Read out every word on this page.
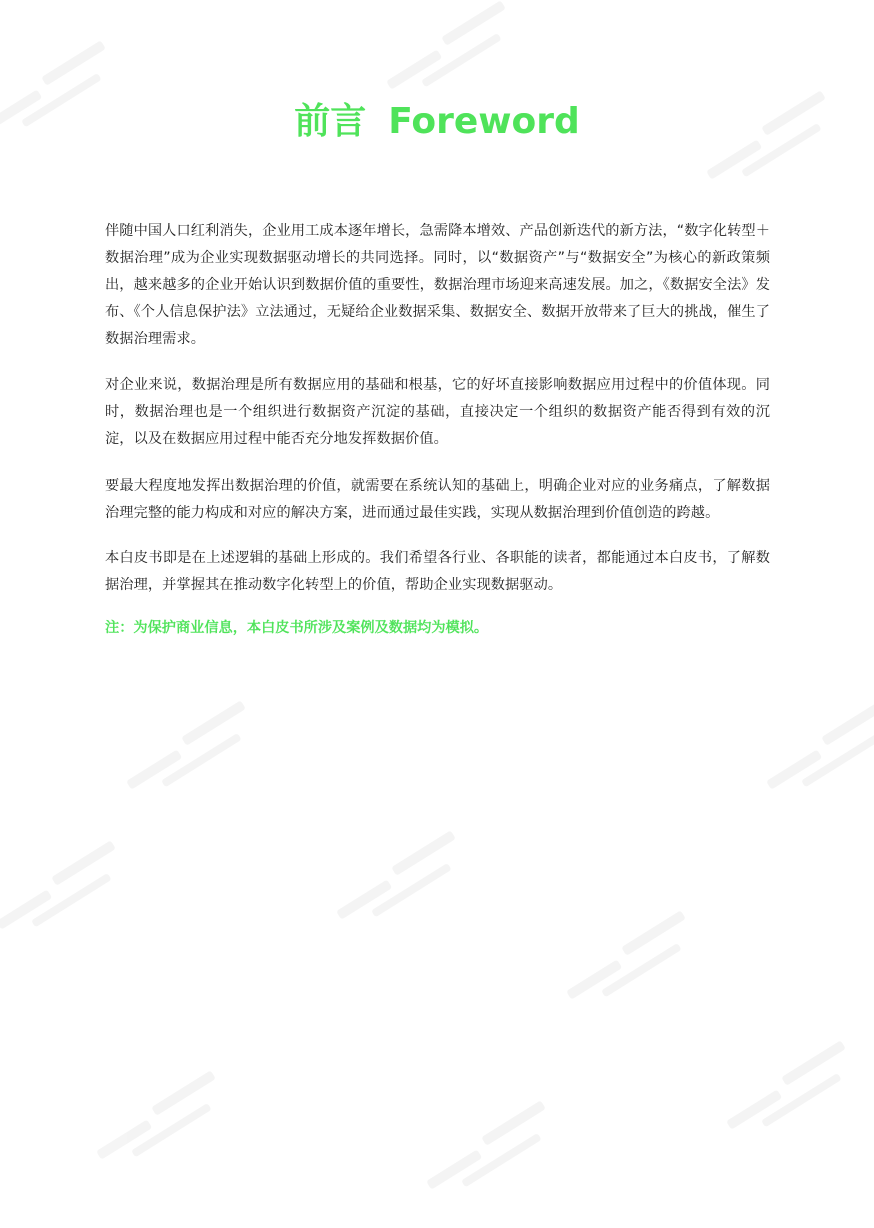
前言 Foreword

伴随中国人口红利消失，企业用工成本逐年增长，急需降本增效、产品创新迭代的新方法，“数字化转型＋数据治理”成为企业实现数据驱动增长的共同选择。同时，以“数据资产”与“数据安全”为核心的新政策频出，越来越多的企业开始认识到数据价值的重要性，数据治理市场迎来高速发展。加之，《数据安全法》发布、《个人信息保护法》立法通过，无疑给企业数据采集、数据安全、数据开放带来了巨大的挑战，催生了数据治理需求。

对企业来说，数据治理是所有数据应用的基础和根基，它的好坏直接影响数据应用过程中的价值体现。同时，数据治理也是一个组织进行数据资产沉淀的基础，直接决定一个组织的数据资产能否得到有效的沉淀，以及在数据应用过程中能否充分地发挥数据价值。

要最大程度地发挥出数据治理的价值，就需要在系统认知的基础上，明确企业对应的业务痛点，了解数据治理完整的能力构成和对应的解决方案，进而通过最佳实践，实现从数据治理到价值创造的跨越。

本白皮书即是在上述逻辑的基础上形成的。我们希望各行业、各职能的读者，都能通过本白皮书，了解数据治理，并掌握其在推动数字化转型上的价值，帮助企业实现数据驱动。

注：为保护商业信息，本白皮书所涉及案例及数据均为模拟。
